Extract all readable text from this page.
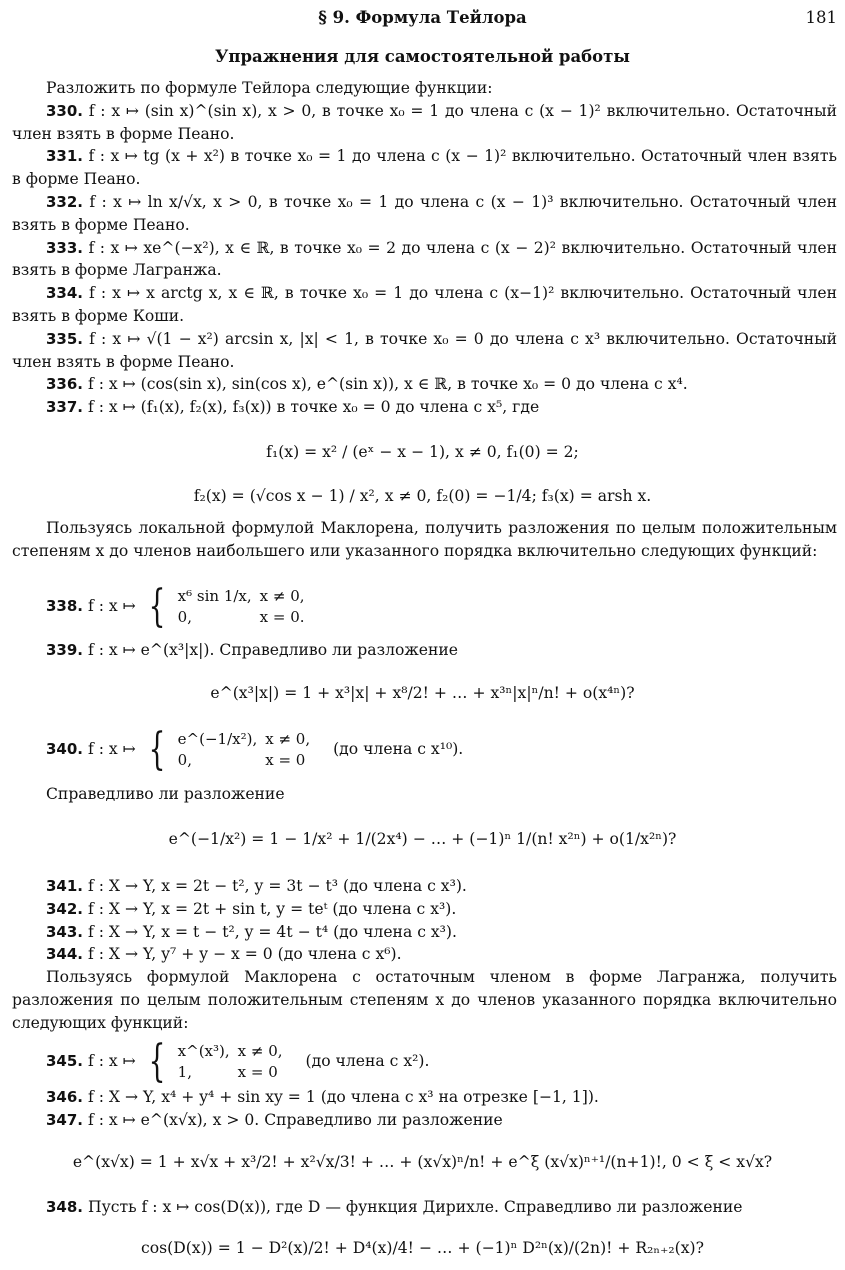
§ 9. Формула Тейлора	181
Упражнения для самостоятельной работы

Разложить по формуле Тейлора следующие функции:

330. f : x ↦ (sin x)^(sin x), x > 0, в точке x₀ = 1 до члена с (x − 1)² включительно. Остаточный член взять в форме Пеано.

331. f : x ↦ tg (x + x²) в точке x₀ = 1 до члена с (x − 1)² включительно. Остаточный член взять в форме Пеано.

332. f : x ↦ ln x/√x, x > 0, в точке x₀ = 1 до члена с (x − 1)³ включительно. Остаточный член взять в форме Пеано.

333. f : x ↦ xe^(−x²), x ∈ ℝ, в точке x₀ = 2 до члена с (x − 2)² включительно. Остаточный член взять в форме Лагранжа.

334. f : x ↦ x arctg x, x ∈ ℝ, в точке x₀ = 1 до члена с (x−1)² включительно. Остаточный член взять в форме Коши.

335. f : x ↦ √(1 − x²) arcsin x, |x| < 1, в точке x₀ = 0 до члена с x³ включительно. Остаточный член взять в форме Пеано.

336. f : x ↦ (cos(sin x), sin(cos x), e^(sin x)), x ∈ ℝ, в точке x₀ = 0 до члена с x⁴.

337. f : x ↦ (f₁(x), f₂(x), f₃(x)) в точке x₀ = 0 до члена с x⁵, где

f₁(x) = x² / (eˣ − x − 1), x ≠ 0, f₁(0) = 2;
f₂(x) = (√cos x − 1) / x², x ≠ 0, f₂(0) = −1/4; f₃(x) = arsh x.

Пользуясь локальной формулой Маклорена, получить разложения по целым положительным степеням x до членов наибольшего или указанного порядка включительно следующих функций:

338. f : x ↦ { x⁶ sin 1/x,	x ≠ 0,
0,	x = 0.
339. f : x ↦ e^(x³|x|). Справедливо ли разложение
e^(x³|x|) = 1 + x³|x| + x⁸/2! + … + x³ⁿ|x|ⁿ/n! + o(x⁴ⁿ)?
340. f : x ↦ { e^(−1/x²),	x ≠ 0,
0,	x = 0
(до члена с x¹⁰).

Справедливо ли разложение

e^(−1/x²) = 1 − 1/x² + 1/(2x⁴) − … + (−1)ⁿ 1/(n! x²ⁿ) + o(1/x²ⁿ)?

341. f : X → Y, x = 2t − t², y = 3t − t³ (до члена с x³).

342. f : X → Y, x = 2t + sin t, y = teᵗ (до члена с x³).

343. f : X → Y, x = t − t², y = 4t − t⁴ (до члена с x³).

344. f : X → Y, y⁷ + y − x = 0 (до члена с x⁶).

Пользуясь формулой Маклорена с остаточным членом в форме Лагранжа, получить разложения по целым положительным степеням x до членов указанного порядка включительно следующих функций:

345. f : x ↦ { x^(x³),	x ≠ 0,
1,	x = 0
(до члена с x²).

346. f : X → Y, x⁴ + y⁴ + sin xy = 1 (до члена с x³ на отрезке [−1, 1]).

347. f : x ↦ e^(x√x), x > 0. Справедливо ли разложение

e^(x√x) = 1 + x√x + x³/2! + x²√x/3! + … + (x√x)ⁿ/n! + e^ξ (x√x)ⁿ⁺¹/(n+1)!, 0 < ξ < x√x?

348. Пусть f : x ↦ cos(D(x)), где D — функция Дирихле. Справедливо ли разложение

cos(D(x)) = 1 − D²(x)/2! + D⁴(x)/4! − … + (−1)ⁿ D²ⁿ(x)/(2n)! + R₂ₙ₊₂(x)?
